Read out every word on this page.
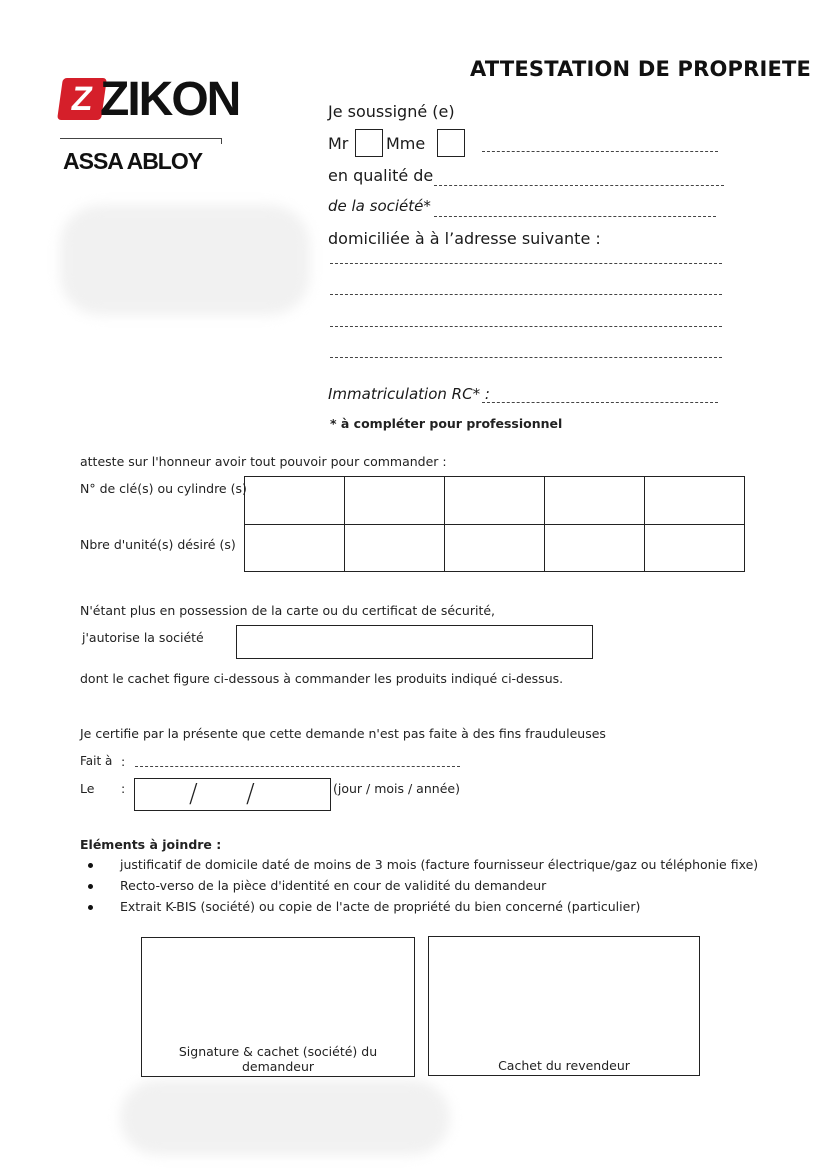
Z ZIKON
ASSA ABLOY
ATTESTATION DE PROPRIETE
Je soussigné (e)
Mr Mme
en qualité de
de la société*
domiciliée à à l’adresse suivante :
Immatriculation RC* :
* à compléter pour professionnel
atteste sur l'honneur avoir tout pouvoir pour commander :
N° de clé(s) ou cylindre (s)
Nbre d'unité(s) désiré (s)
N'étant plus en possession de la carte ou du certificat de sécurité,
j'autorise la société
dont le cachet figure ci-dessous à commander les produits indiqué ci-dessus.
Je certifie par la présente que cette demande n'est pas faite à des fins frauduleuses
Fait à :
Le : / /	(jour / mois / année)
Eléments à joindre :
justificatif de domicile daté de moins de 3 mois (facture fournisseur électrique/gaz ou téléphonie fixe)
Recto-verso de la pièce d'identité en cour de validité du demandeur
Extrait K-BIS (société) ou copie de l'acte de propriété du bien concerné (particulier)
Signature & cachet (société) du demandeur	Cachet du revendeur
